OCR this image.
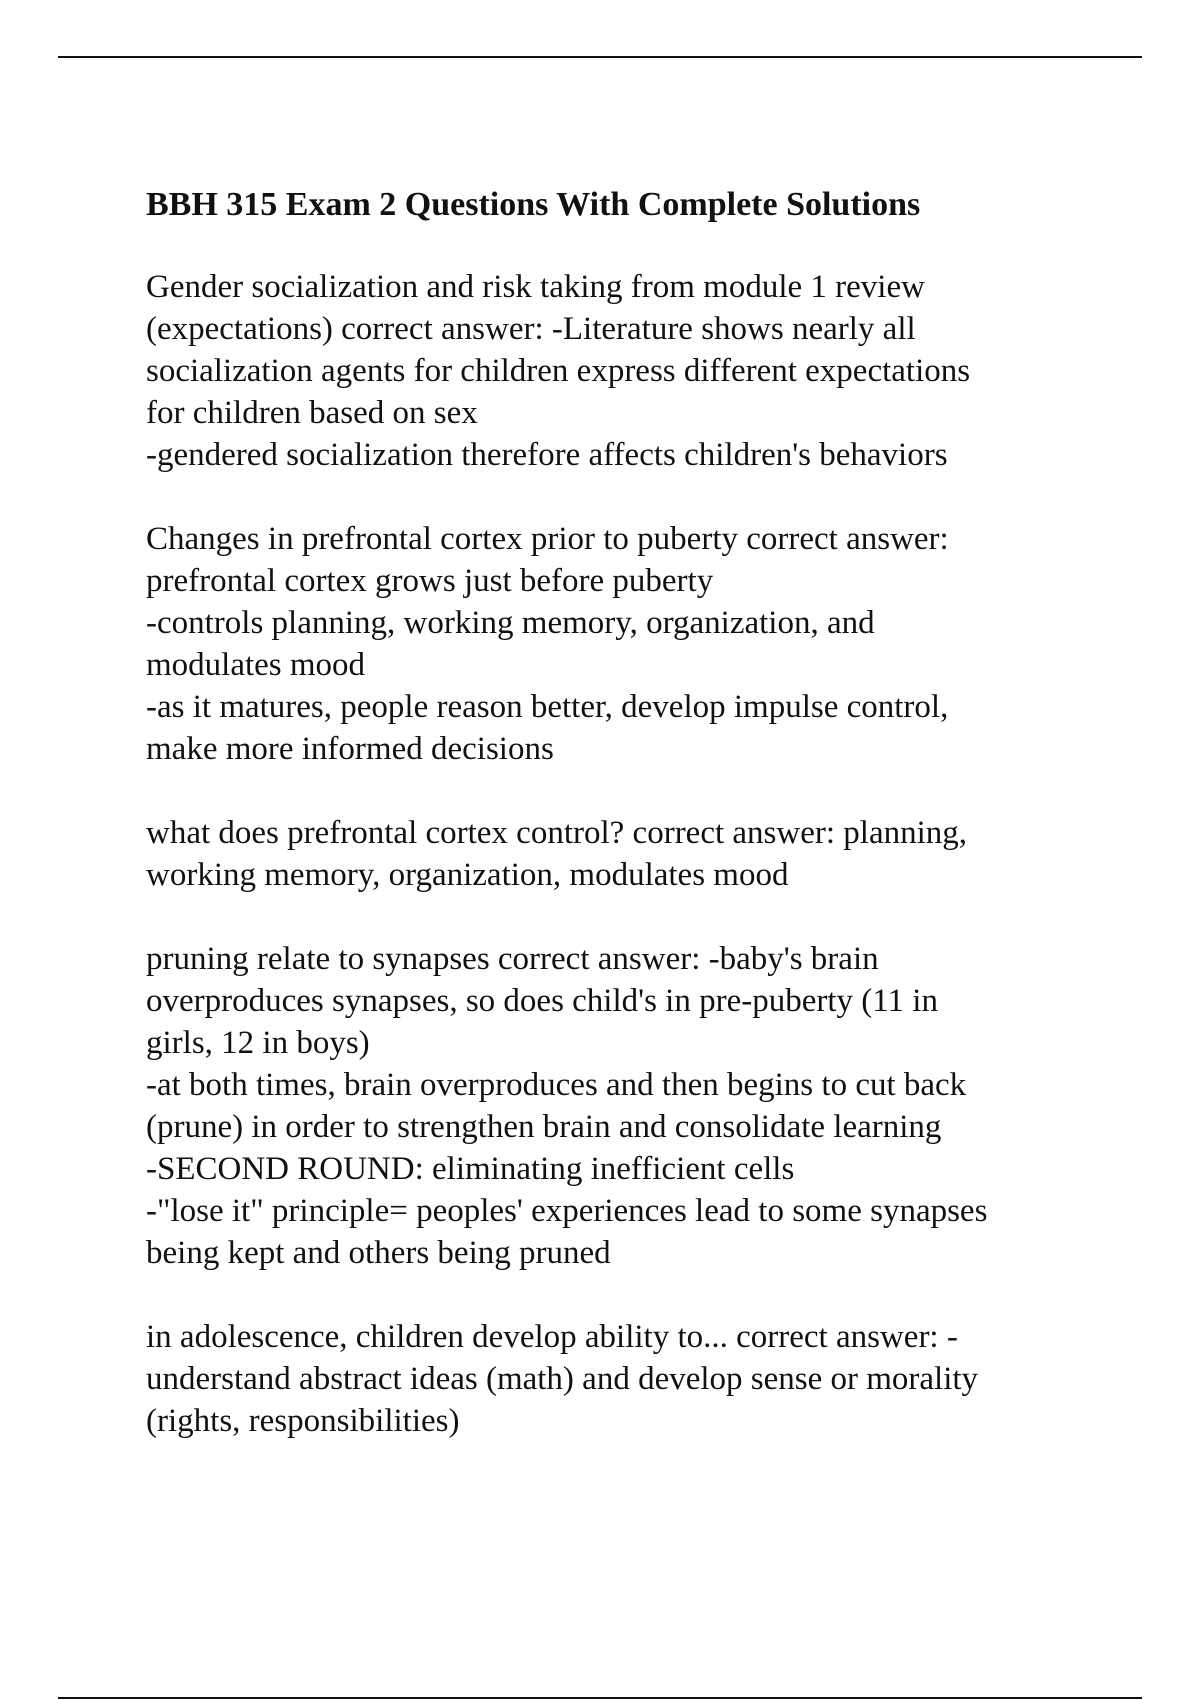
BBH 315 Exam 2 Questions With Complete Solutions
Gender socialization and risk taking from module 1 review
(expectations) correct answer: -Literature shows nearly all
socialization agents for children express different expectations
for children based on sex
-gendered socialization therefore affects children's behaviors
Changes in prefrontal cortex prior to puberty correct answer:
prefrontal cortex grows just before puberty
-controls planning, working memory, organization, and
modulates mood
-as it matures, people reason better, develop impulse control,
make more informed decisions
what does prefrontal cortex control? correct answer: planning,
working memory, organization, modulates mood
pruning relate to synapses correct answer: -baby's brain
overproduces synapses, so does child's in pre-puberty (11 in
girls, 12 in boys)
-at both times, brain overproduces and then begins to cut back
(prune) in order to strengthen brain and consolidate learning
-SECOND ROUND: eliminating inefficient cells
-"lose it" principle= peoples' experiences lead to some synapses
being kept and others being pruned
in adolescence, children develop ability to... correct answer: -
understand abstract ideas (math) and develop sense or morality
(rights, responsibilities)
